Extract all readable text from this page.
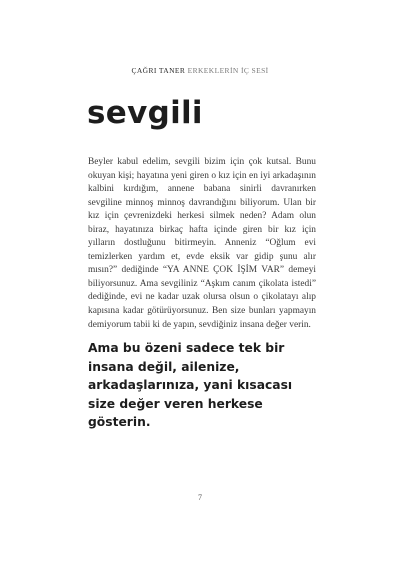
ÇAĞRI TANER ERKEKLERİN İÇ SESİ
sevgili

Beyler kabul edelim, sevgili bizim için çok kutsal. Bunu okuyan kişi; hayatına yeni giren o kız için en iyi arkadaşının kalbini kırdığım, annene babana sinirli davranırken sevgiline minnoş minnoş davrandığını biliyorum. Ulan bir kız için çevrenizdeki herkesi silmek neden? Adam olun biraz, hayatınıza birkaç hafta içinde giren bir kız için yılların dostluğunu bitirmeyin. Anneniz “Oğlum evi temizlerken yardım et, evde eksik var gidip şunu alır mısın?” dediğinde “YA ANNE ÇOK İŞİM VAR” demeyi biliyorsunuz. Ama sevgiliniz “Aşkım canım çikolata istedi” dediğinde, evi ne kadar uzak olursa olsun o çikolatayı alıp kapısına kadar götürüyorsunuz. Ben size bunları yapmayın demiyorum tabii ki de yapın, sevdiğiniz insana değer verin.

Ama bu özeni sadece tek bir insana değil, ailenize, arkadaşlarınıza, yani kısacası size değer veren herkese gösterin.

7
